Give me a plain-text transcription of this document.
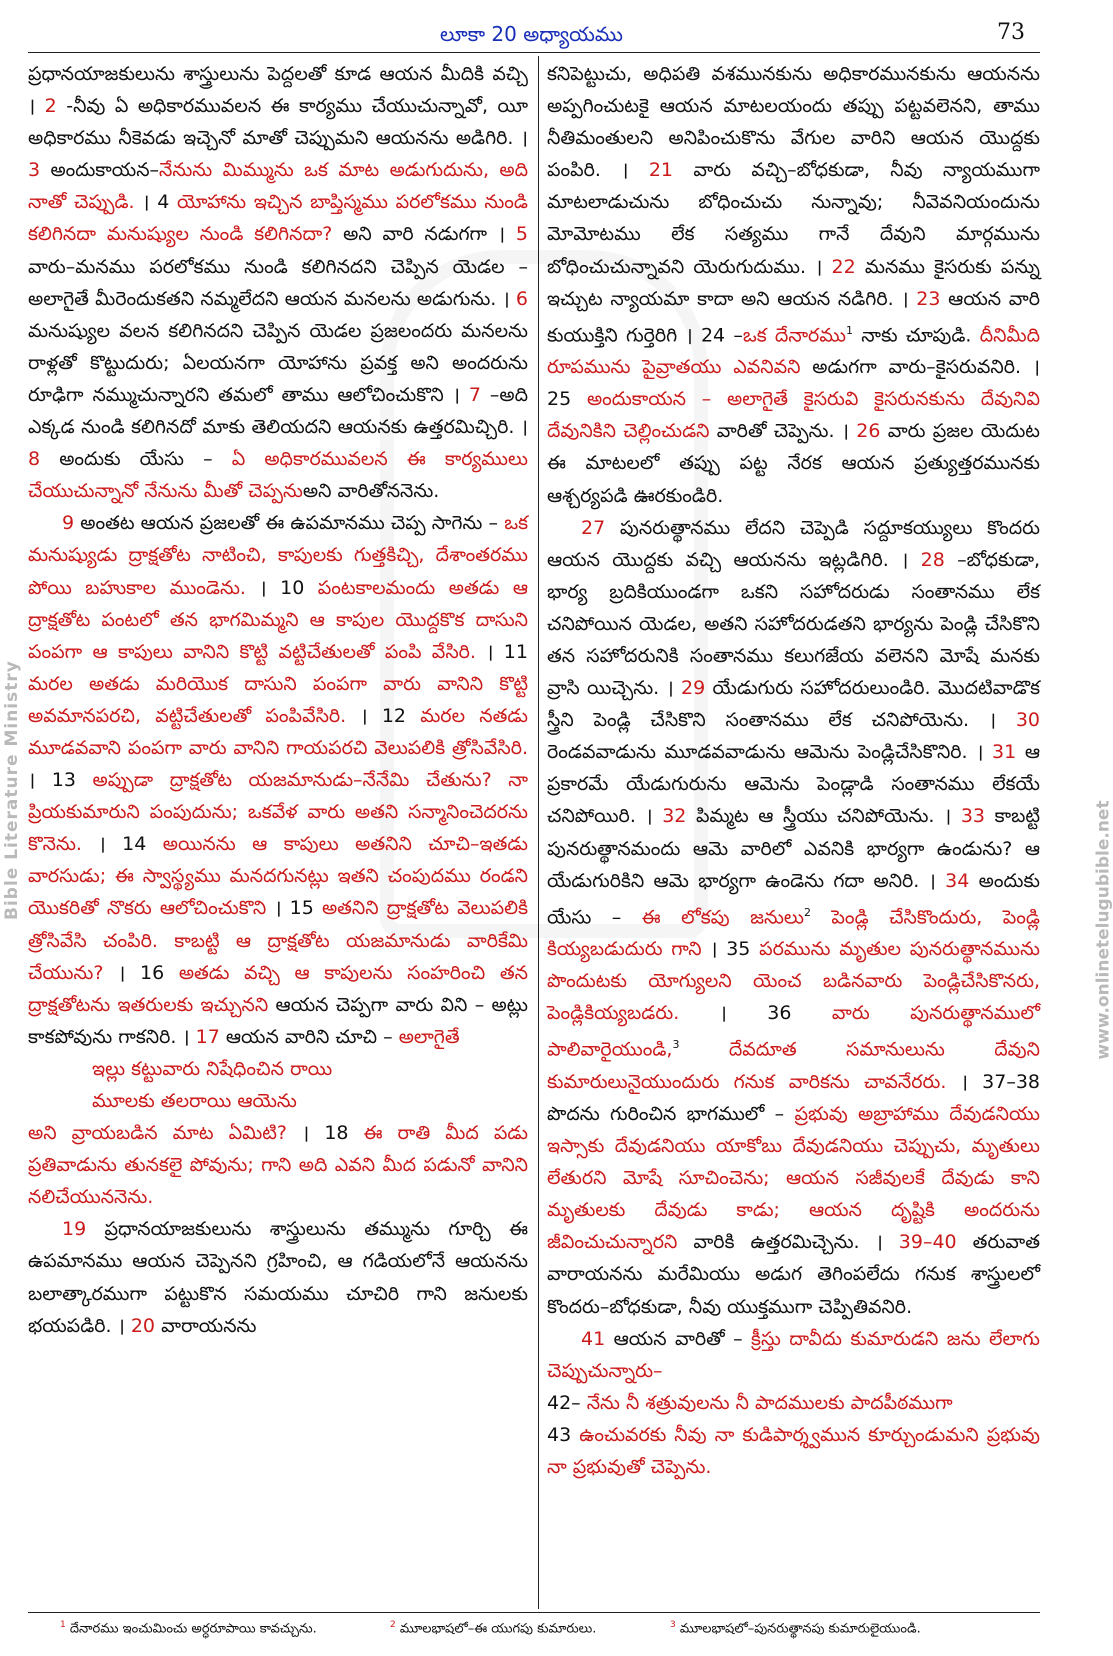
లూకా 20 అధ్యాయము	73
Bible Literature Ministry
www.onlinetelugubible.net

ప్రధానయాజకులును శాస్త్రులును పెద్దలతో కూడ ఆయన మీదికి వచ్చి । 2 -నీవు ఏ అధికారమువలన ఈ కార్యము చేయుచున్నావో, యీ అధికారము నీకెవడు ఇచ్చెనో మాతో చెప్పుమని ఆయనను అడిగిరి. । 3 అందుకాయన–నేనును మిమ్మును ఒక మాట అడుగుదును, అది నాతో చెప్పుడి. । 4 యోహాను ఇచ్చిన బాప్తిస్మము పరలోకము నుండి కలిగినదా మనుష్యుల నుండి కలిగినదా? అని వారి నడుగగా । 5 వారు–మనము పరలోకము నుండి కలిగినదని చెప్పిన యెడల – అలాగైతే మీరెందుకతని నమ్మలేదని ఆయన మనలను అడుగును. । 6 మనుష్యుల వలన కలిగినదని చెప్పిన యెడల ప్రజలందరు మనలను రాళ్లతో కొట్టుదురు; ఏలయనగా యోహాను ప్రవక్త అని అందరును రూఢిగా నమ్ముచున్నారని తమలో తాము ఆలోచించుకొని । 7 –అది ఎక్కడ నుండి కలిగినదో మాకు తెలియదని ఆయనకు ఉత్తరమిచ్చిరి. । 8 అందుకు యేసు – ఏ అధికారమువలన ఈ కార్యములు చేయుచున్నానో నేనును మీతో చెప్పనుఅని వారితోననెను.

9 అంతట ఆయన ప్రజలతో ఈ ఉపమానము చెప్ప సాగెను – ఒక మనుష్యుడు ద్రాక్షతోట నాటించి, కాపులకు గుత్తకిచ్చి, దేశాంతరము పోయి బహుకాల ముండెను. । 10 పంటకాలమందు అతడు ఆ ద్రాక్షతోట పంటలో తన భాగమిమ్మని ఆ కాపుల యొద్దకొక దాసుని పంపగా ఆ కాపులు వానిని కొట్టి వట్టిచేతులతో పంపి వేసిరి. । 11 మరల అతడు మరియొక దాసుని పంపగా వారు వానిని కొట్టి అవమానపరచి, వట్టిచేతులతో పంపివేసిరి. । 12 మరల నతడు మూడవవాని పంపగా వారు వానిని గాయపరచి వెలుపలికి త్రోసివేసిరి. । 13 అప్పుడా ద్రాక్షతోట యజమానుడు–నేనేమి చేతును? నా ప్రియకుమారుని పంపుదును; ఒకవేళ వారు అతని సన్మానించెదరను కొనెను. । 14 అయినను ఆ కాపులు అతనిని చూచి–ఇతడు వారసుడు; ఈ స్వాస్థ్యము మనదగునట్లు ఇతని చంపుదము రండని యొకరితో నొకరు ఆలోచించుకొని । 15 అతనిని ద్రాక్షతోట వెలుపలికి త్రోసివేసి చంపిరి. కాబట్టి ఆ ద్రాక్షతోట యజమానుడు వారికేమి చేయును? । 16 అతడు వచ్చి ఆ కాపులను సంహరించి తన ద్రాక్షతోటను ఇతరులకు ఇచ్చునని ఆయన చెప్పగా వారు విని – అట్లు కాకపోవును గాకనిరి. । 17 ఆయన వారిని చూచి – అలాగైతే

ఇల్లు కట్టువారు నిషేధించిన రాయి

మూలకు తలరాయి ఆయెను

అని వ్రాయబడిన మాట ఏమిటి? । 18 ఈ రాతి మీద పడు ప్రతివాడును తునకలై పోవును; గాని అది ఎవని మీద పడునో వానిని నలిచేయుననెను.

19 ప్రధానయాజకులును శాస్త్రులును తమ్మును గూర్చి ఈ ఉపమానము ఆయన చెప్పెనని గ్రహించి, ఆ గడియలోనే ఆయనను బలాత్కారముగా పట్టుకొన సమయము చూచిరి గాని జనులకు భయపడిరి. । 20 వారాయనను

కనిపెట్టుచు, అధిపతి వశమునకును అధికారమునకును ఆయనను అప్పగించుటకై ఆయన మాటలయందు తప్పు పట్టవలెనని, తాము నీతిమంతులని అనిపించుకొను వేగుల వారిని ఆయన యొద్దకు పంపిరి. । 21 వారు వచ్చి–బోధకుడా, నీవు న్యాయముగా మాటలాడుచును బోధించుచు నున్నావు; నీవెవనియందును మోమోటము లేక సత్యము గానే దేవుని మార్గమును బోధించుచున్నావని యెరుగుదుము. । 22 మనము కైసరుకు పన్ను ఇచ్చుట న్యాయమా కాదా అని ఆయన నడిగిరి. । 23 ఆయన వారి కుయుక్తిని గుర్తెరిగి । 24 –ఒక దేనారము$^1$ నాకు చూపుడి. దీనిమీది రూపమును పైవ్రాతయు ఎవనివని అడుగగా వారు–కైసరువనిరి. । 25 అందుకాయన – అలాగైతే కైసరువి కైసరునకును దేవునివి దేవునికిని చెల్లించుడని వారితో చెప్పెను. । 26 వారు ప్రజల యెదుట ఈ మాటలలో తప్పు పట్ట నేరక ఆయన ప్రత్యుత్తరమునకు ఆశ్చర్యపడి ఊరకుండిరి.

27 పునరుత్థానము లేదని చెప్పెడి సద్దూకయ్యులు కొందరు ఆయన యొద్దకు వచ్చి ఆయనను ఇట్లడిగిరి. । 28 –బోధకుడా, భార్య బ్రదికియుండగా ఒకని సహోదరుడు సంతానము లేక చనిపోయిన యెడల, అతని సహోదరుడతని భార్యను పెండ్లి చేసికొని తన సహోదరునికి సంతానము కలుగజేయ వలెనని మోషే మనకు వ్రాసి యిచ్చెను. । 29 యేడుగురు సహోదరులుండిరి. మొదటివాడొక స్త్రీని పెండ్లి చేసికొని సంతానము లేక చనిపోయెను. । 30 రెండవవాడును మూడవవాడును ఆమెను పెండ్లిచేసికొనిరి. । 31 ఆ ప్రకారమే యేడుగురును ఆమెను పెండ్లాడి సంతానము లేకయే చనిపోయిరి. । 32 పిమ్మట ఆ స్త్రీయు చనిపోయెను. । 33 కాబట్టి పునరుత్థానమందు ఆమె వారిలో ఎవనికి భార్యగా ఉండును? ఆ యేడుగురికిని ఆమె భార్యగా ఉండెను గదా అనిరి. । 34 అందుకు యేసు – ఈ లోకపు జనులు$^2$ పెండ్లి చేసికొందురు, పెండ్లి కియ్యబడుదురు గాని । 35 పరమును మృతుల పునరుత్థానమును పొందుటకు యోగ్యులని యెంచ బడినవారు పెండ్లిచేసికొనరు, పెండ్లికియ్యబడరు. । 36 వారు పునరుత్థానములో పాలివారైయుండి,$^3$	దేవదూత సమానులును దేవుని కుమారులునైయుందురు గనుక వారికను చావనేరరు. । 37–38 పొదను గురించిన భాగములో – ప్రభువు అబ్రాహాము దేవుడనియు ఇస్సాకు దేవుడనియు యాకోబు దేవుడనియు చెప్పుచు, మృతులు లేతురని మోషే సూచించెను; ఆయన సజీవులకే దేవుడు కాని మృతులకు దేవుడు కాడు; ఆయన దృష్టికి అందరును జీవించుచున్నారని వారికి ఉత్తరమిచ్చెను. । 39–40 తరువాత వారాయనను మరేమియు అడుగ తెగింపలేదు గనుక శాస్త్రులలో కొందరు–బోధకుడా, నీవు యుక్తముగా చెప్పితివనిరి.

41 ఆయన వారితో – క్రీస్తు దావీదు కుమారుడని జను లేలాగు చెప్పుచున్నారు–

42– నేను నీ శత్రువులను నీ పాదములకు పాదపీఠముగా

43 ఉంచువరకు నీవు నా కుడిపార్శ్వమున కూర్చుండుమని ప్రభువు నా ప్రభువుతో చెప్పెను.

$^1$ దేనారము ఇంచుమించు అర్ధరూపాయి కావచ్చును.	$^2$ మూలభాషలో–ఈ యుగపు కుమారులు.	$^3$ మూలభాషలో–పునరుత్థానపు కుమారులైయుండి.
